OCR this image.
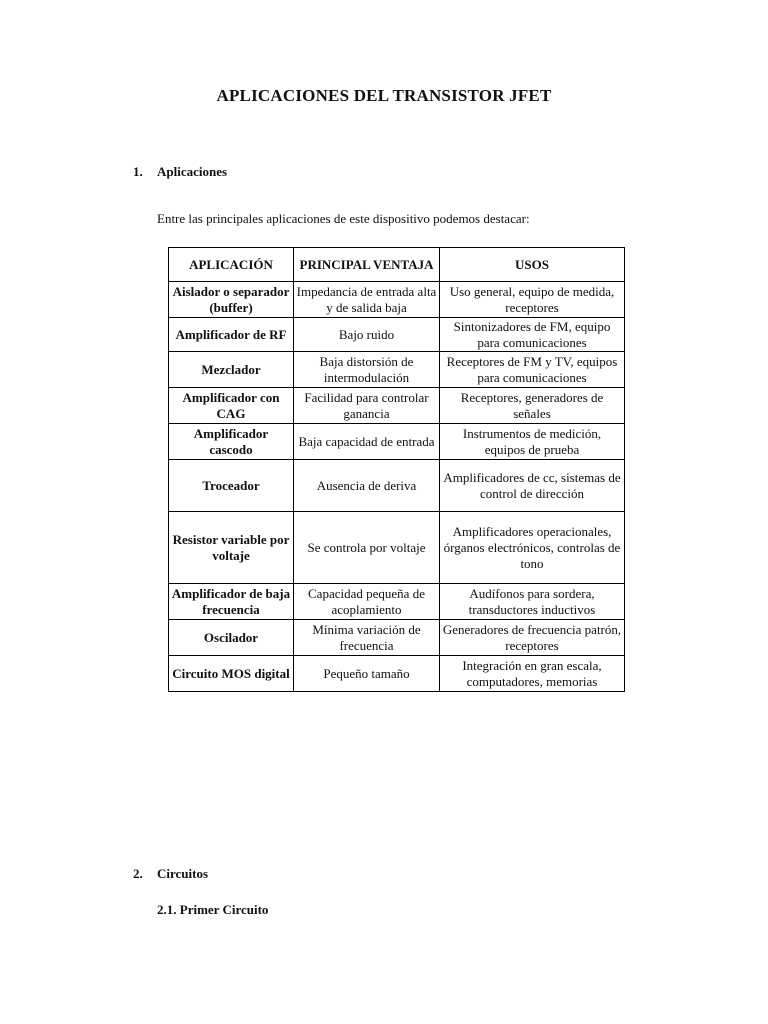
APLICACIONES DEL TRANSISTOR JFET
1. Aplicaciones
Entre las principales aplicaciones de este dispositivo podemos destacar:
APLICACIÓN	PRINCIPAL VENTAJA	USOS
Aislador o separador (buffer)	Impedancia de entrada alta y de salida baja	Uso general, equipo de medida, receptores
Amplificador de RF	Bajo ruido	Sintonizadores de FM, equipo para comunicaciones
Mezclador	Baja distorsión de intermodulación	Receptores de FM y TV, equipos para comunicaciones
Amplificador con CAG	Facilidad para controlar ganancia	Receptores, generadores de señales
Amplificador cascodo	Baja capacidad de entrada	Instrumentos de medición, equipos de prueba
Troceador	Ausencia de deriva	Amplificadores de cc, sistemas de control de dirección
Resistor variable por voltaje	Se controla por voltaje	Amplificadores operacionales, órganos electrónicos, controlas de tono
Amplificador de baja frecuencia	Capacidad pequeña de acoplamiento	Audífonos para sordera, transductores inductivos
Oscilador	Mínima variación de frecuencia	Generadores de frecuencia patrón, receptores
Circuito MOS digital	Pequeño tamaño	Integración en gran escala, computadores, memorias
2. Circuitos
2.1. Primer Circuito
